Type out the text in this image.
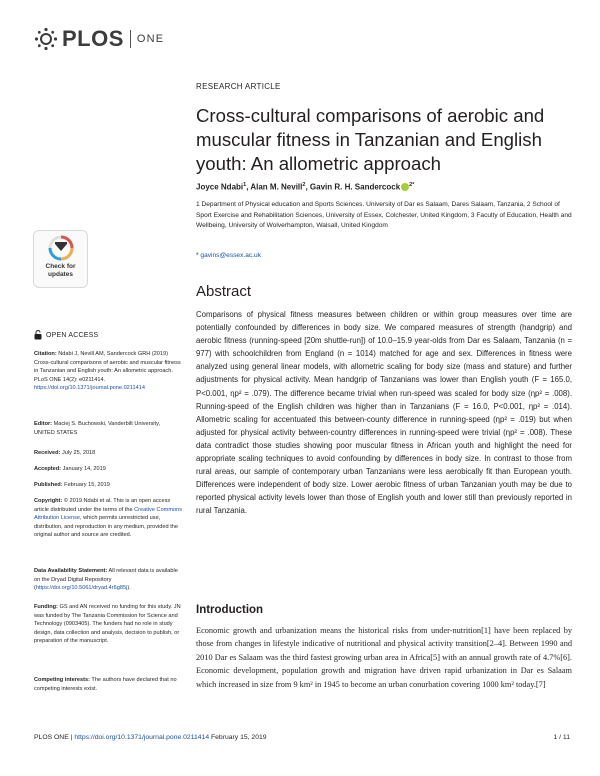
PLOS ONE
RESEARCH ARTICLE
Cross-cultural comparisons of aerobic and muscular fitness in Tanzanian and English youth: An allometric approach
Joyce Ndabi$^1$, Alan M. Nevill$^2$, Gavin R. H. Sandercock $^{2*}$
1 Department of Physical education and Sports Sciences. University of Dar es Salaam, Dares Salaam, Tanzania, 2 School of Sport Exercise and Rehabilitation Sciences, University of Essex, Colchester, United Kingdom, 3 Faculty of Education, Health and Wellbeing, University of Wolverhampton, Walsall, United Kingdom
* gavins@essex.ac.uk
Abstract

Comparisons of physical fitness measures between children or within group measures over time are potentially confounded by differences in body size. We compared measures of strength (handgrip) and aerobic fitness (running-speed [20m shuttle-run]) of 10.0–15.9 year-olds from Dar es Salaam, Tanzania (n = 977) with schoolchildren from England (n = 1014) matched for age and sex. Differences in fitness were analyzed using general linear models, with allometric scaling for body size (mass and stature) and further adjustments for physical activity. Mean handgrip of Tanzanians was lower than English youth (F = 165.0, P<0.001, ηp² = .079). The difference became trivial when run-speed was scaled for body size (ηp² = .008). Running-speed of the English children was higher than in Tanzanians (F = 16.0, P<0.001, ηp² = .014). Allometric scaling for accentuated this between-county difference in running-speed (ηp² = .019) but when adjusted for physical activity between-country differences in running-speed were trivial (ηp² = .008). These data contradict those studies showing poor muscular fitness in African youth and highlight the need for appropriate scaling techniques to avoid confounding by differences in body size. In contrast to those from rural areas, our sample of contemporary urban Tanzanians were less aerobically fit than European youth. Differences were independent of body size. Lower aerobic fitness of urban Tanzanian youth may be due to reported physical activity levels lower than those of English youth and lower still than previously reported in rural Tanzania.

Introduction

Economic growth and urbanization means the historical risks from under-nutrition[1] have been replaced by those from changes in lifestyle indicative of nutritional and physical activity transition[2–4]. Between 1990 and 2010 Dar es Salaam was the third fastest growing urban area in Africa[5] with an annual growth rate of 4.7%[6]. Economic development, population growth and migration have driven rapid urbanization in Dar es Salaam which increased in size from 9 km² in 1945 to become an urban conurbation covering 1000 km² today.[7]

Check for updates
OPEN ACCESS
Citation: Ndabi J, Nevill AM, Sandercock GRH (2019) Cross-cultural comparisons of aerobic and muscular fitness in Tanzanian and English youth: An allometric approach. PLoS ONE 14(2): e0211414. https://doi.org/10.1371/journal.pone.0211414
Editor: Maciej S. Buchowski, Vanderbilt University, UNITED STATES
Received: July 25, 2018
Accepted: January 14, 2019
Published: February 15, 2019
Copyright: © 2019 Ndabi et al. This is an open access article distributed under the terms of the Creative Commons Attribution License, which permits unrestricted use, distribution, and reproduction in any medium, provided the original author and source are credited.
Data Availability Statement: All relevant data is available on the Dryad Digital Repository (https://doi.org/10.5061/dryad.4r6g85j).
Funding: GS and AN received no funding for this study. JN was funded by The Tanzania Commission for Science and Technology (0903405). The funders had no role in study design, data collection and analysis, decision to publish, or preparation of the manuscript.
Competing interests: The authors have declared that no competing interests exist.
PLOS ONE | https://doi.org/10.1371/journal.pone.0211414 February 15, 2019	1 / 11
